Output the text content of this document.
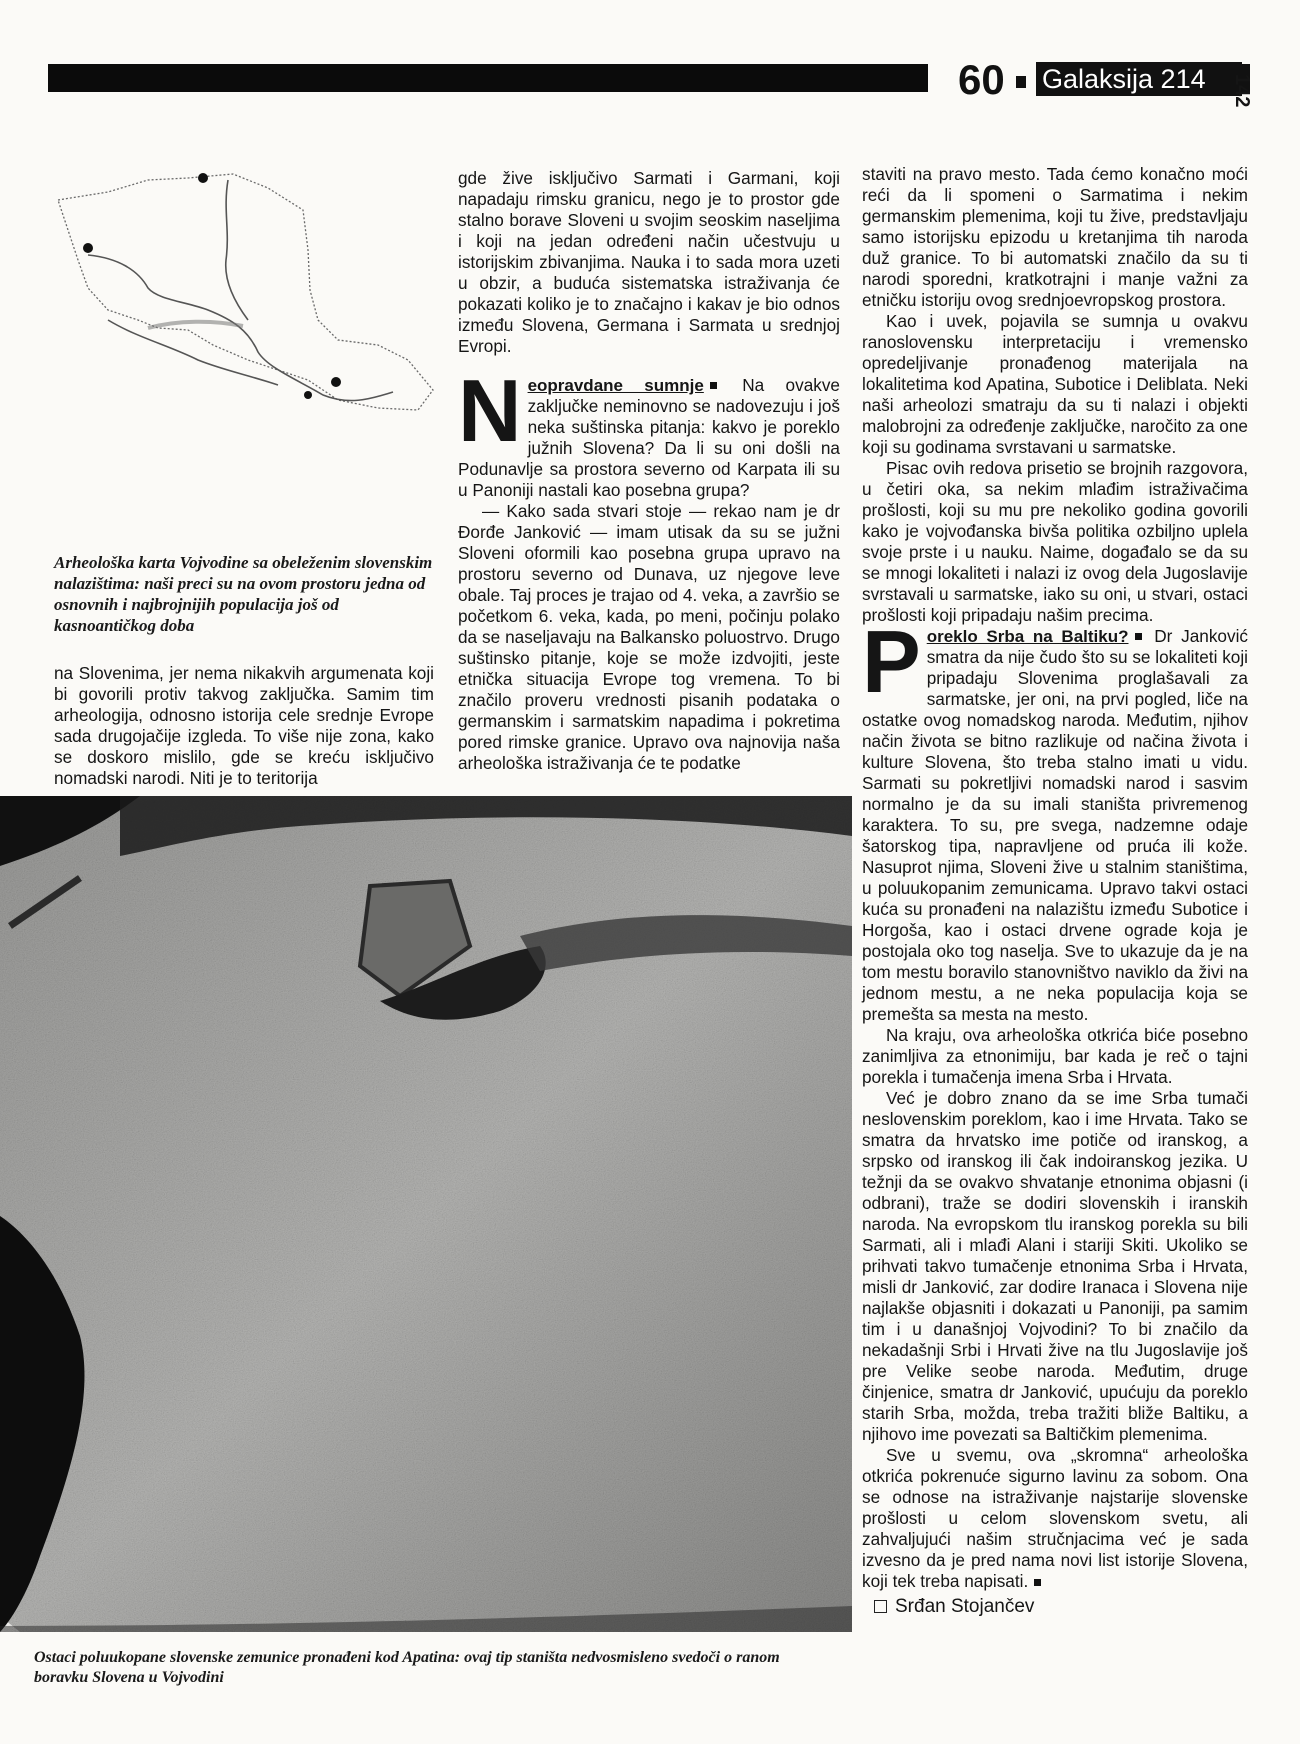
60 Galaksija 214	142
Arheološka karta Vojvodine sa obeleženim slovenskim nalazištima: naši preci su na ovom prostoru jedna od osnovnih i najbrojnijih populacija još od kasnoantičkog doba

na Slovenima, jer nema nikakvih argumenata koji bi govorili protiv takvog zaključka. Samim tim arheologija, odnosno istorija cele srednje Evrope sada drugojačije izgleda. To više nije zona, kako se doskoro mislilo, gde se kreću isključivo nomadski narodi. Niti je to teritorija

gde žive isključivo Sarmati i Garmani, koji napadaju rimsku granicu, nego je to prostor gde stalno borave Sloveni u svojim seoskim naseljima i koji na jedan određeni način učestvuju u istorijskim zbivanjima. Nauka i to sada mora uzeti u obzir, a buduća sistematska istraživanja će pokazati koliko je to značajno i kakav je bio odnos između Slovena, Germana i Sarmata u srednjoj Evropi.

N eopravdane sumnje Na ovakve zaključke neminovno se nadovezuju i još neka suštinska pitanja: kakvo je poreklo južnih Slovena? Da li su oni došli na Podunavlje sa prostora severno od Karpata ili su u Panoniji nastali kao posebna grupa?

— Kako sada stvari stoje — rekao nam je dr Đorđe Janković — imam utisak da su se južni Sloveni oformili kao posebna grupa upravo na prostoru severno od Dunava, uz njegove leve obale. Taj proces je trajao od 4. veka, a završio se početkom 6. veka, kada, po meni, počinju polako da se naseljavaju na Balkansko poluostrvo. Drugo suštinsko pitanje, koje se može izdvojiti, jeste etnička situacija Evrope tog vremena. To bi značilo proveru vrednosti pisanih podataka o germanskim i sarmatskim napadima i pokretima pored rimske granice. Upravo ova najnovija naša arheološka istraživanja će te podatke

staviti na pravo mesto. Tada ćemo konačno moći reći da li spomeni o Sarmatima i nekim germanskim plemenima, koji tu žive, predstavljaju samo istorijsku epizodu u kretanjima tih naroda duž granice. To bi automatski značilo da su ti narodi sporedni, kratkotrajni i manje važni za etničku istoriju ovog srednjoevropskog prostora.

Kao i uvek, pojavila se sumnja u ovakvu ranoslovensku interpretaciju i vremensko opredeljivanje pronađenog materijala na lokalitetima kod Apatina, Subotice i Deliblata. Neki naši arheolozi smatraju da su ti nalazi i objekti malobrojni za određenje zaključke, naročito za one koji su godinama svrstavani u sarmatske.

Pisac ovih redova prisetio se brojnih razgovora, u četiri oka, sa nekim mlađim istraživačima prošlosti, koji su mu pre nekoliko godina govorili kako je vojvođanska bivša politika ozbiljno uplela svoje prste i u nauku. Naime, događalo se da su se mnogi lokaliteti i nalazi iz ovog dela Jugoslavije svrstavali u sarmatske, iako su oni, u stvari, ostaci prošlosti koji pripadaju našim precima.

P oreklo Srba na Baltiku? Dr Janković smatra da nije čudo što su se lokaliteti koji pripadaju Slovenima proglašavali za sarmatske, jer oni, na prvi pogled, liče na ostatke ovog nomadskog naroda. Međutim, njihov način života se bitno razlikuje od načina života i kulture Slovena, što treba stalno imati u vidu. Sarmati su pokretljivi nomadski narod i sasvim normalno je da su imali staništa privremenog karaktera. To su, pre svega, nadzemne odaje šatorskog tipa, napravljene od pruća ili kože. Nasuprot njima, Sloveni žive u stalnim staništima, u poluukopanim zemunicama. Upravo takvi ostaci kuća su pronađeni na nalazištu između Subotice i Horgoša, kao i ostaci drvene ograde koja je postojala oko tog naselja. Sve to ukazuje da je na tom mestu boravilo stanovništvo naviklo da živi na jednom mestu, a ne neka populacija koja se premešta sa mesta na mesto.

Na kraju, ova arheološka otkrića biće posebno zanimljiva za etnonimiju, bar kada je reč o tajni porekla i tumačenja imena Srba i Hrvata.

Već je dobro znano da se ime Srba tumači neslovenskim poreklom, kao i ime Hrvata. Tako se smatra da hrvatsko ime potiče od iranskog, a srpsko od iranskog ili čak indoiranskog jezika. U težnji da se ovakvo shvatanje etnonima objasni (i odbrani), traže se dodiri slovenskih i iranskih naroda. Na evropskom tlu iranskog porekla su bili Sarmati, ali i mlađi Alani i stariji Skiti. Ukoliko se prihvati takvo tumačenje etnonima Srba i Hrvata, misli dr Janković, zar dodire Iranaca i Slovena nije najlakše objasniti i dokazati u Panoniji, pa samim tim i u današnjoj Vojvodini? To bi značilo da nekadašnji Srbi i Hrvati žive na tlu Jugoslavije još pre Velike seobe naroda. Međutim, druge činjenice, smatra dr Janković, upućuju da poreklo starih Srba, možda, treba tražiti bliže Baltiku, a njihovo ime povezati sa Baltičkim plemenima.

Sve u svemu, ova „skromna“ arheološka otkrića pokrenuće sigurno lavinu za sobom. Ona se odnose na istraživanje najstarije slovenske prošlosti u celom slovenskom svetu, ali zahvaljujući našim stručnjacima već je sada izvesno da je pred nama novi list istorije Slovena, koji tek treba napisati.

Srđan Stojančev
Ostaci poluukopane slovenske zemunice pronađeni kod Apatina: ovaj tip staništa nedvosmisleno svedoči o ranom boravku Slovena u Vojvodini
